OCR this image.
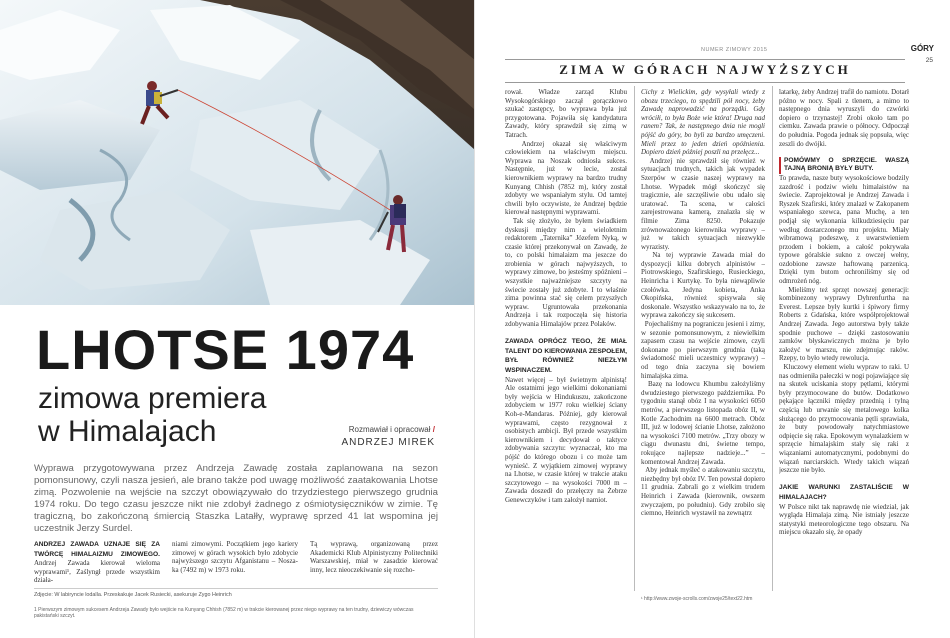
LHOTSE 1974
zimowa premiera
w Himalajach	Rozmawiał i opracował /
ANDRZEJ MIREK

Wyprawa przygotowywana przez Andrzeja Zawadę została zaplanowana na sezon pomonsunowy, czyli nasza jesień, ale brano także pod uwagę możliwość zaatakowania Lhotse zimą. Pozwolenie na wejście na szczyt obowiązywało do trzydziestego pierwszego grudnia 1974 roku. Do tego czasu jeszcze nikt nie zdobył żadnego z ośmiotysięczników w zimie. Tę tragiczną, bo zakończoną śmiercią Staszka Latałły, wyprawę sprzed 41 lat wspomina jej uczestnik Jerzy Surdel.

ANDRZEJ ZAWADA UZNAJE SIĘ ZA TWÓRCĘ HIMALAIZMU ZIMOWEGO. Andrzej Zawada kierował wieloma wyprawami¹, Zaślyngł przede wszystkim działa-
niami zimowymi. Początkiem jego kariery zimowej w górach wysokich było zdobycie najwyższego szczytu Afganistanu – Nosza-ka (7492 m) w 1973 roku.
Tą wyprawą, organizowaną przez Akademicki Klub Alpinistyczny Politechniki Warszawskiej, miał w zasadzie kierować inny, lecz nieoczekiwanie się rozcho-
Zdjęcie: W labiryncie lodalla. Przeskakuje Jacek Rusiecki, asekuruje Zygo Heinrich
1 Pierwszym zimowym sukcesem Andrzeja Zawady było wejście na Kunyang Chhish (7852 m) w trakcie kierowanej przez niego wyprawy na ten trudny, dziewiczy wówczas pakistański szczyt.
NUMER ZIMOWY 2015	GÓRY
25
ZIMA W GÓRACH NAJWYŻSZYCH
rował. Władze zarząd Klubu Wysokogórskiego zaczął gorączkowo szukać zastępcy, bo wyprawa była już przygotowana. Pojawiła się kandydatura Zawady, który sprawdził się zimą w Tatrach.
Andrzej okazał się właściwym człowiekiem na właściwym miejscu. Wyprawa na Noszak odniosła sukces. Następnie, już w lecie, został kierownikiem wyprawy na bardzo trudny Kunyang Chhish (7852 m), który został zdobyty we wspaniałym stylu. Od tamtej chwili było oczywiste, że Andrzej będzie kierował następnymi wyprawami.
Tak się złożyło, że byłem świadkiem dyskusji między nim a wieloletnim redaktorem „Taternika” Józefem Nyką, w czasie której przekonywał on Zawadę, że to, co polski himalaizm ma jeszcze do zrobienia w górach najwyższych, to wyprawy zimowe, bo jesteśmy spóźnieni – wszystkie najważniejsze szczyty na świecie zostały już zdobyte. I to właśnie zima powinna stać się celem przyszłych wypraw. Ugruntowała przekonania Andrzeja i tak rozpoczęła się historia zdobywania Himalajów przez Polaków.

ZAWADA OPRÓCZ TEGO, ŻE MIAŁ TALENT DO KIEROWANIA ZESPOŁEM, BYŁ RÓWNIEŻ NIEZŁYM WSPINACZEM.
Nawet więcej – był świetnym alpinistą! Ale ostatnimi jego wielkimi dokonaniami były wejścia w Hindukuszu, zakończone zdobyciem w 1977 roku wielkiej ściany Koh-e-Mandaras. Później, gdy kierował wyprawami, często rezygnował z osobistych ambicji. Był przede wszystkim kierownikiem i decydował o taktyce zdobywania szczytu: wyznaczał, kto ma pójść do którego obozu i co może tam wynieść. Z wyjątkiem zimowej wyprawy na Lhotse, w czasie której w trakcie ataku szczytowego – na wysokości 7000 m – Zawada doszedł do przełęczy na Żebrze Genewczyków i tam założył namiot.
Cichy z Wielickim, gdy wysyłali wtedy z obozu trzeciego, to spędzili pół nocy, żeby Zawadę naprowadzić na porządki. Gdy wróciłi, to była Boże wie która! Druga nad ranem? Tak, że następnego dnia nie mogli pójść do góry, bo byli za bardzo umęczeni. Mieli przez to jeden dzień opóźnienia. Dopiero dzień później poszli na przełęcz...
Andrzej nie sprawdził się również w sytuacjach trudnych, takich jak wypadek Szerpów w czasie naszej wyprawy na Lhotse. Wypadek mógł skończyć się tragicznie, ale szczęśliwie obu udało się uratować. Ta scena, w całości zarejestrowana kamerą, znalazła się w filmie Zima 8250. Pokazuje zrównoważonego kierownika wyprawy – już w takich sytuacjach niezwykle wyrazisty.
Na tej wyprawie Zawada miał do dyspozycji kilku dobrych alpinistów – Piotrowskiego, Szafirskiego, Rusieckiego, Heinricha i Kurtykę. To była niewąpliwie czołówka. Jedyna kobieta, Anka Okopińska, również spisywała się doskonale. Wszystko wskazywało na to, że wyprawa zakończy się sukcesem.
Pojechaliśmy na pograniczu jesieni i zimy, w sezonie pomonsunowym, z niewielkim zapasem czasu na wejście zimowe, czyli dokonane po pierwszym grudnia (taką świadomość mieli uczestnicy wyprawy) – od tego dnia zaczyna się bowiem himalajska zima.
Bazę na lodowcu Khumbu założyliśmy dwudziestego pierwszego października. Po tygodniu stanął obóz I na wysokości 6050 metrów, a pierwszego listopada obóz II, w Kotle Zachodnim na 6600 metrach. Obóz III, już w lodowej ścianie Lhotse, założono na wysokości 7100 metrów. „Trzy obozy w ciągu dwunastu dni, świetne tempo, rokujące najlepsze nadzieje...” – komentował Andrzej Zawada.
Aby jednak myśleć o atakowaniu szczytu, niezbędny był obóz IV. Ten powstał dopiero 11 grudnia. Zabrali go z wielkim trudem Heinrich i Zawada (kierownik, owszem zwyczajem, po południu). Gdy zrobiło się ciemno, Heinrich wystawił na zewnątrz
¹ http://www.zwoje-scrolls.com/zwoje25/text22.htm
latarkę, żeby Andrzej trafił do namiotu. Dotarł późno w nocy. Spali z tlenem, a mimo to następnego dnia wyruszyli do czwórki dopiero o trzynastej! Zrobi około tam po ciemku. Zawada prawie o północy. Odpoczął do południa. Pogoda jednak się popsuła, więc zeszli do dwójki.

POMÓWMY O SPRZĘCIE. WASZĄ TAJNĄ BRONIĄ BYŁY BUTY.
To prawda, nasze buty wysokościowe bodzily zazdrość i podziw wielu himalaistów na świecie. Zaprojektował je Andrzej Zawada i Ryszek Szafirski, który znalazł w Zakopanem wspaniałego szewca, pana Muchę, a ten podjął się wykonania kilkudziesięciu par według dostarczonego mu projektu. Miały wibramową podeszwę, z uwarstwieniem przodem i bokiem, a całość pokrywała typowe góralskie sukno z owczej wełny, ozdobione zawsze haftowaną parzenicą. Dzięki tym butom ochroniliśmy się od odmrożeń nóg.
Mieliśmy też sprzęt nowszej generacji: kombinezony wyprawy Dyhrenfurtha na Everest. Lepsze były kurtki i śpiwory firmy Roberts z Gdańska, które współprojektował Andrzej Zawada. Jego autorstwa były także spodnie puchowe – dzięki zastosowaniu zamków błyskawicznych można je było założyć w marszu, nie zdejmując raków. Rzepy, to było wtedy rewolucja.
Kluczowy element wielu wypraw to raki. U nas odmieniła pałeczki w nogi pojawiające się na skutek uciskania stopy pętlami, którymi były przymocowane do butów. Dodatkowo pękające łączniki między przednią i tylną częścią lub urwanie się metalowego kolka służącego do przymocowania pętli sprawiała, że buty powodowały natychmiastowe odpięcie się raka. Epokowym wynalazkiem w sprzęcie himalajskim stały się raki z wiązaniami automatycznymi, podobnymi do wiązań narciarskich. Wtedy takich wiązań jeszcze nie było.

JAKIE WARUNKI ZASTALIŚCIE W HIMALAJACH?
W Polsce nikt tak naprawdę nie wiedział, jak wygląda Himalaja zimą. Nie istniały jeszcze statystyki meteorologiczne tego obszaru. Na miejscu okazało się, że opady
